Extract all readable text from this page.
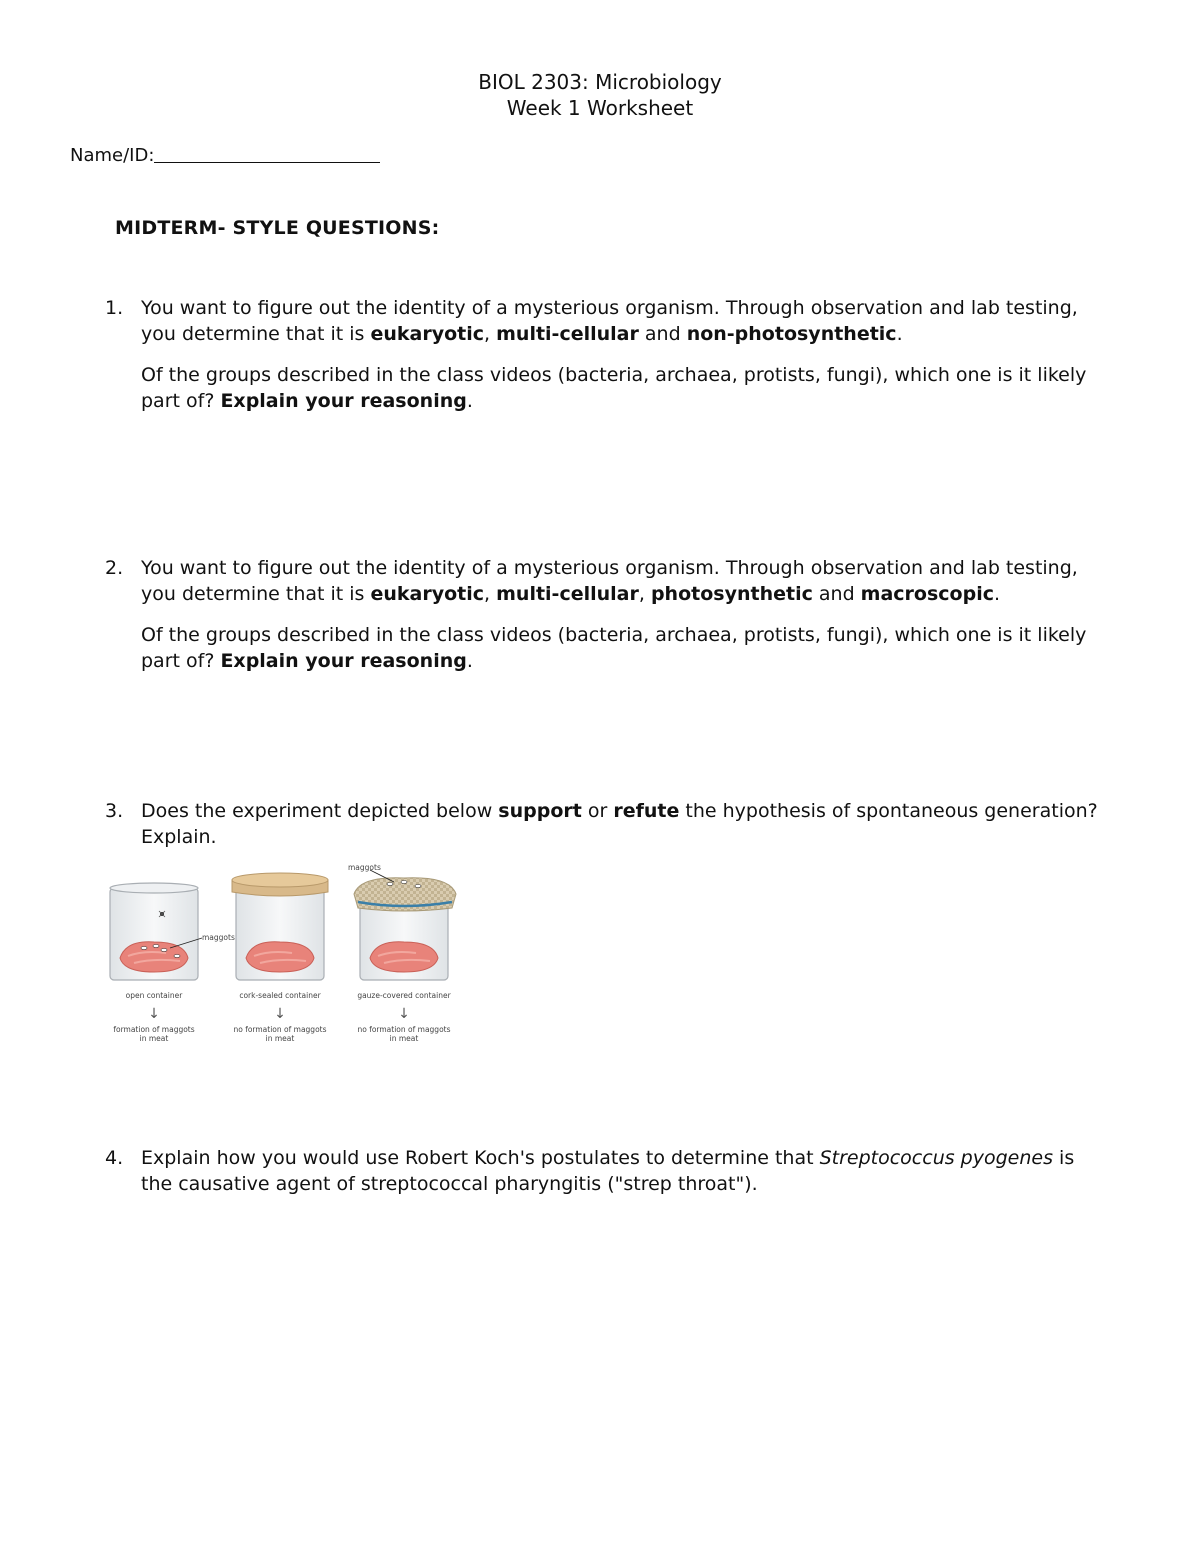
BIOL 2303: Microbiology
Week 1 Worksheet
Name/ID:
MIDTERM- STYLE QUESTIONS:
1. You want to figure out the identity of a mysterious organism. Through observation and lab testing, you determine that it is eukaryotic, multi-cellular and non-photosynthetic.

Of the groups described in the class videos (bacteria, archaea, protists, fungi), which one is it likely part of? Explain your reasoning.

2. You want to figure out the identity of a mysterious organism. Through observation and lab testing, you determine that it is eukaryotic, multi-cellular, photosynthetic and macroscopic.

Of the groups described in the class videos (bacteria, archaea, protists, fungi), which one is it likely part of? Explain your reasoning.

3. Does the experiment depicted below support or refute the hypothesis of spontaneous generation? Explain.

maggots
maggots
open container	cork-sealed container	gauze-covered container
↓	↓	↓
formation of maggots
in meat
no formation of maggots
in meat
no formation of maggots
in meat
4. Explain how you would use Robert Koch's postulates to determine that Streptococcus pyogenes is the causative agent of streptococcal pharyngitis ("strep throat").
